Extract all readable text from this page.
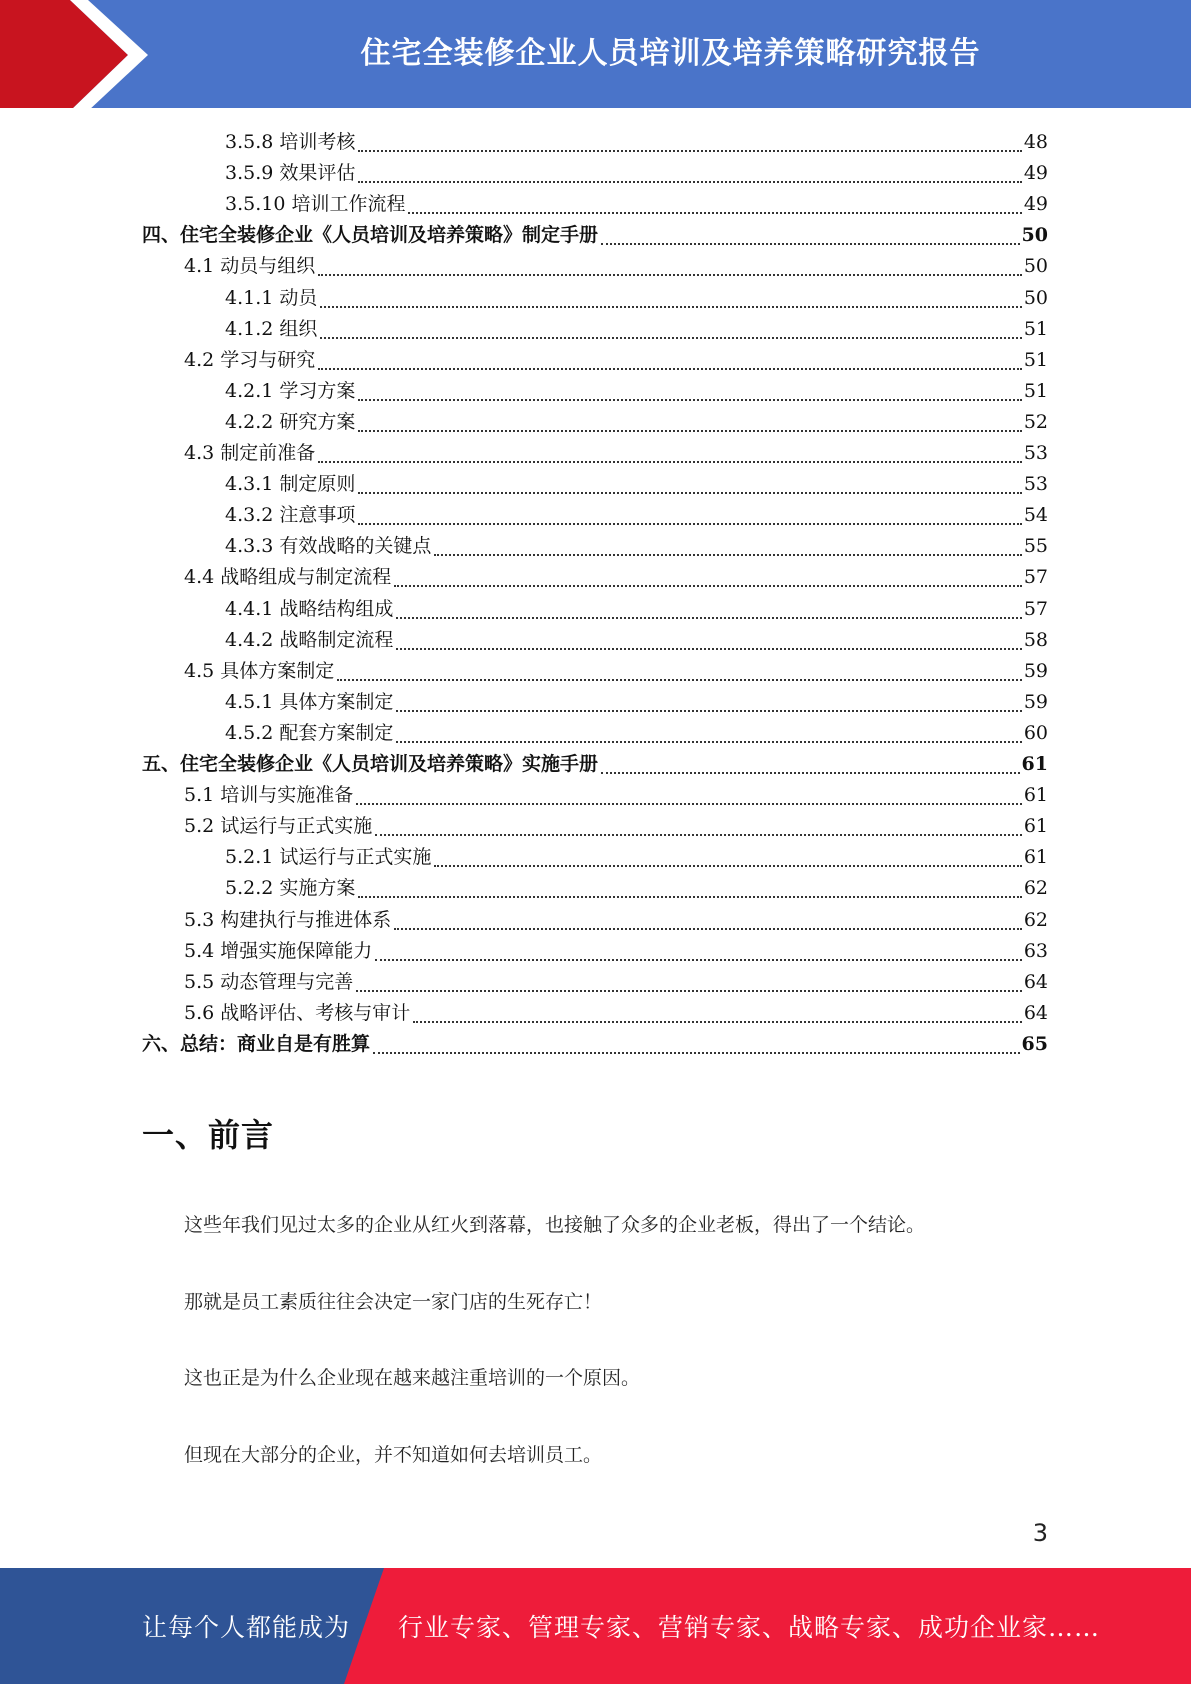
住宅全装修企业人员培训及培养策略研究报告
3.5.8 培训考核	48
3.5.9 效果评估	49
3.5.10 培训工作流程	49
四、住宅全装修企业《人员培训及培养策略》制定手册	50
4.1 动员与组织	50
4.1.1 动员	50
4.1.2 组织	51
4.2 学习与研究	51
4.2.1 学习方案	51
4.2.2 研究方案	52
4.3 制定前准备	53
4.3.1 制定原则	53
4.3.2 注意事项	54
4.3.3 有效战略的关键点	55
4.4 战略组成与制定流程	57
4.4.1 战略结构组成	57
4.4.2 战略制定流程	58
4.5 具体方案制定	59
4.5.1 具体方案制定	59
4.5.2 配套方案制定	60
五、住宅全装修企业《人员培训及培养策略》实施手册	61
5.1 培训与实施准备	61
5.2 试运行与正式实施	61
5.2.1 试运行与正式实施	61
5.2.2 实施方案	62
5.3 构建执行与推进体系	62
5.4 增强实施保障能力	63
5.5 动态管理与完善	64
5.6 战略评估、考核与审计	64
六、总结：商业自是有胜算	65
一、前言
这些年我们见过太多的企业从红火到落幕，也接触了众多的企业老板，得出了一个结论。
那就是员工素质往往会决定一家门店的生死存亡！
这也正是为什么企业现在越来越注重培训的一个原因。
但现在大部分的企业，并不知道如何去培训员工。
3
让每个人都能成为 行业专家、管理专家、营销专家、战略专家、成功企业家……
